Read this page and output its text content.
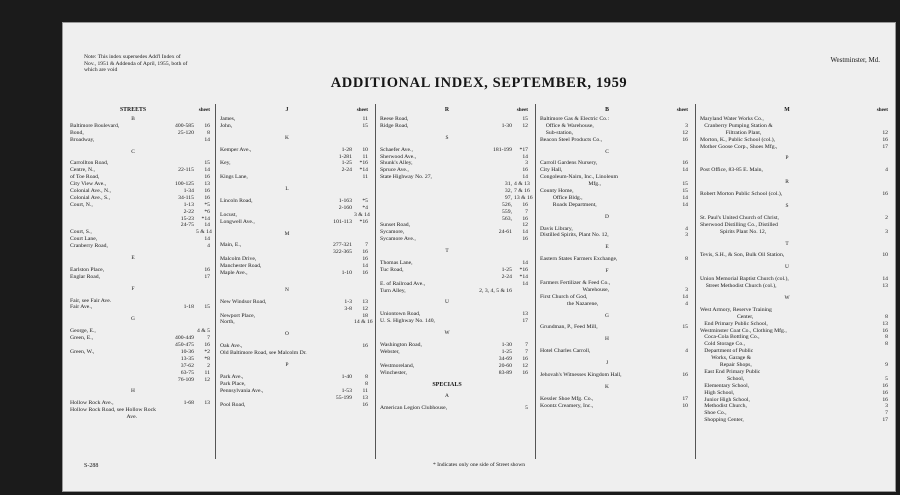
Note: This index supersedes Add'l Index of Nov., 1951 & Addenda of April, 1955, both of which are void
Westminster, Md.
ADDITIONAL INDEX, SEPTEMBER, 1959
STREETS	sheet
B
Baltimore Boulevard,	400-585	16
Bond,	25-120	8
Broadway,	14
C
Carrollton Road,	15
Centre, N.,	22-115	14
of Toe Road,	16
City View Ave.,	100-125	13
Colonial Ave., N.,	1-34	16
Colonial Ave., S.,	34-115	16
Court, N.,	1-13	*5
2-22	*6
15-23	*14
24-75	14
Court, S.,	5 & 14
Court Lane,	14
Cranberry Road,	4
E
Earlston Place,	16
Englar Road,	17
F
Fair, see Fair Ave.
Fair Ave.,	1-18	15
G
George, E.,	4 & 5
Green, E.,	400-449	7
450-475	16
Green, W.,	10-36	*2
13-35	*8
37-62	2
63-75	11
76-109	12
H
Hollow Rock Ave.,	1-68	13
Hollow Rock Road, see Hollow Rock
Ave.
J	sheet
James,	11
John,	15
K
Kemper Ave.,	1-28	10
1-281	11
Key,	1-25	*16
2-24	*14
Kings Lane,	11
L
Lincoln Road,	1-163	*5
2-160	*4
Locust,	3 & 14
Longwell Ave.,	101-113	*16
M
Main, E.,	277-321	7
322-365	16
Malcolm Drive,	16
Manchester Road,	14
Maple Ave.,	1-10	16
N
New Windsor Road,	1-3	13
3-8	12
Newport Place,	18
North,	14 & 16
O
Oak Ave.,	16
Old Baltimore Road, see Malcolm Dr.
P
Park Ave.,	1-40	8
Park Place,	8
Pennsylvania Ave.,	1-53	11
55-199	13
Pool Road,	16
R	sheet
Reese Road,	15
Ridge Road,	1-30	12
S
Schaefer Ave.,	181-199	*17
Sherwood Ave.,	14
Shunk's Alley,	3
Spruce Ave.,	16
State Highway No. 27,	14
31, 4 & 13
32, 7 & 16
97, 13 & 16
526,	16
559,	7
563,	16
Sunset Road,	12
Sycamore,	24-61	14
Sycamore Ave.,	16
T
Thomas Lane,	14
Tuc Road,	1-25	*16
2-24	*14
E. of Railroad Ave.,	14
Turn Alley,	2, 3, 4, 5 & 16
U
Uniontown Road,	13
U. S. Highway No. 140,	17
W
Washington Road,	1-30	7
Webster,	1-25	7
34-69	16
Westmoreland,	20-60	12
Winchester,	83-89	16
SPECIALS
A
American Legion Clubhouse,	5
B	sheet
Baltimore Gas & Electric Co.:
Office & Warehouse,	3
Sub-station,	12
Beacon Steel Products Co.,	16
C
Carroll Gardens Nursery,	16
City Hall,	14
Congoleum-Nairn, Inc., Linoleum
Mfg.,	15
County Home,	15
Office Bldg.,	14
Roads Department,	14
D
Davis Library,	4
Distilled Spirits, Plant No. 12,	3
E
Eastern States Farmers Exchange,	8
F
Farmers Fertilizer & Feed Co.,
Warehouse,	3
First Church of God,	14
the Nazarene,	4
G
Grundman, P., Feed Mill,	15
H
Hotel Charles Carroll,	4
J
Jehovah's Witnesses Kingdom Hall,	16
K
Kessler Shoe Mfg. Co.,	17
Koontz Creamery, Inc.,	10
M	sheet
Maryland Water Works Co.,
Cranberry Pumping Station &
Filtration Plant,	12
Morton, K., Public School (col.),	16
Mother Goose Corp., Shoes Mfg.,	17
P
Post Office, 83-85 E. Main,	4
R
Robert Morton Public School (col.),	16
S
St. Paul's United Church of Christ,	2
Sherwood Distilling Co., Distilled
Spirits Plant No. 12,	3
T
Tevis, S.H., & Son, Bulk Oil Station,	10
U
Union Memorial Baptist Church (col.),	14
Street Methodist Church (col.),	13
W
West Armory, Reserve Training
Center,	8
End Primary Public School,	13
Westminster Coat Co., Clothing Mfg.,	16
Coca-Cola Bottling Co.,	8
Cold Storage Co.,	8
Department of Public
Works, Garage &
Repair Shops,	9
East End Primary Public
School,	5
Elementary School,	16
High School,	16
Junior High School,	16
Methodist Church,	3
Shoe Co.,	7
Shopping Center,	17
* Indicates only one side of Street shown
S-288
